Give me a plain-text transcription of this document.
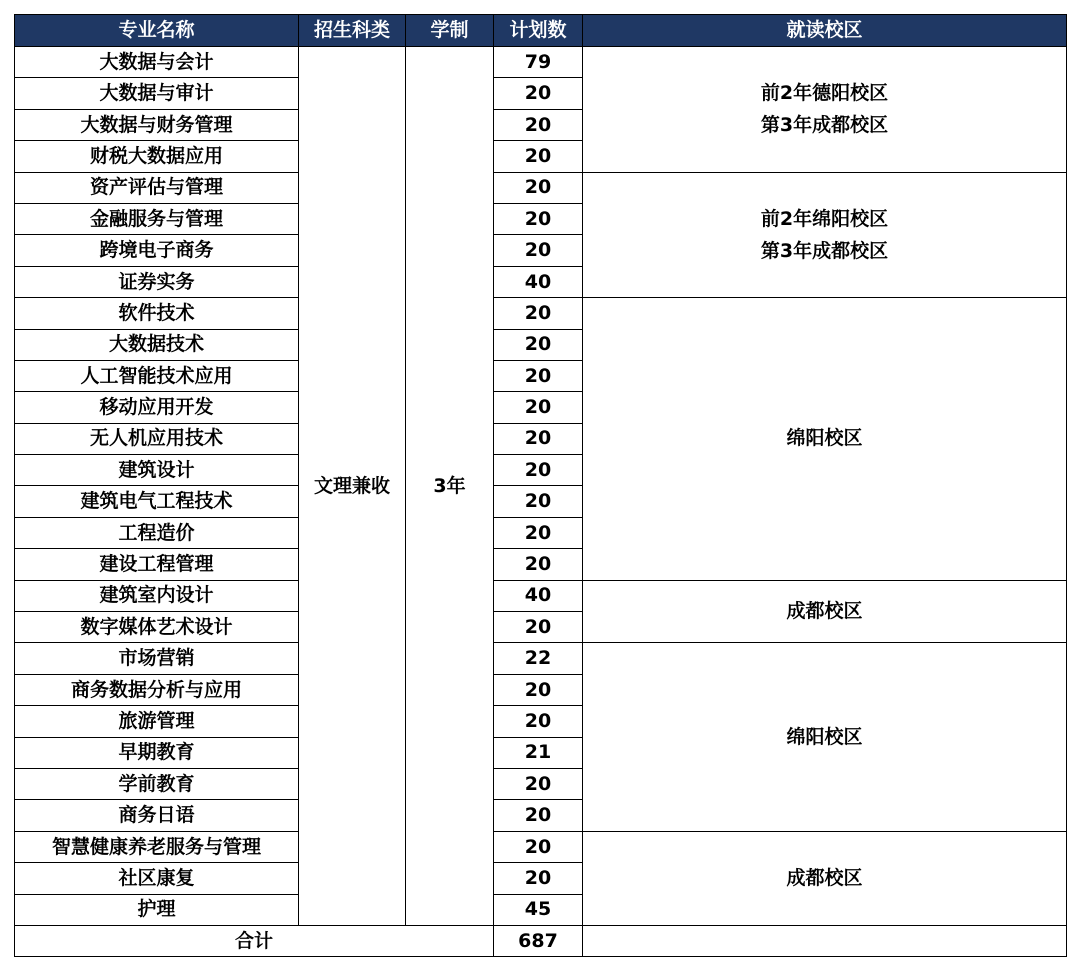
专业名称	招生科类	学制	计划数	就读校区
大数据与会计	文理兼收	3年	79	前2年德阳校区
第3年成都校区

大数据与审计			20	
大数据与财务管理			20	
财税大数据应用			20	
资产评估与管理			20	前2年绵阳校区
第3年成都校区

金融服务与管理			20	
跨境电子商务			20	
证券实务			40	
软件技术			20	绵阳校区
大数据技术			20	
人工智能技术应用			20	
移动应用开发			20	
无人机应用技术			20	
建筑设计			20	
建筑电气工程技术			20	
工程造价			20	
建设工程管理			20	
建筑室内设计			40	成都校区
数字媒体艺术设计			20	
市场营销			22	绵阳校区
商务数据分析与应用			20	
旅游管理			20	
早期教育			21	
学前教育			20	
商务日语			20	
智慧健康养老服务与管理			20	成都校区
社区康复			20	
护理			45	
合计			687	
